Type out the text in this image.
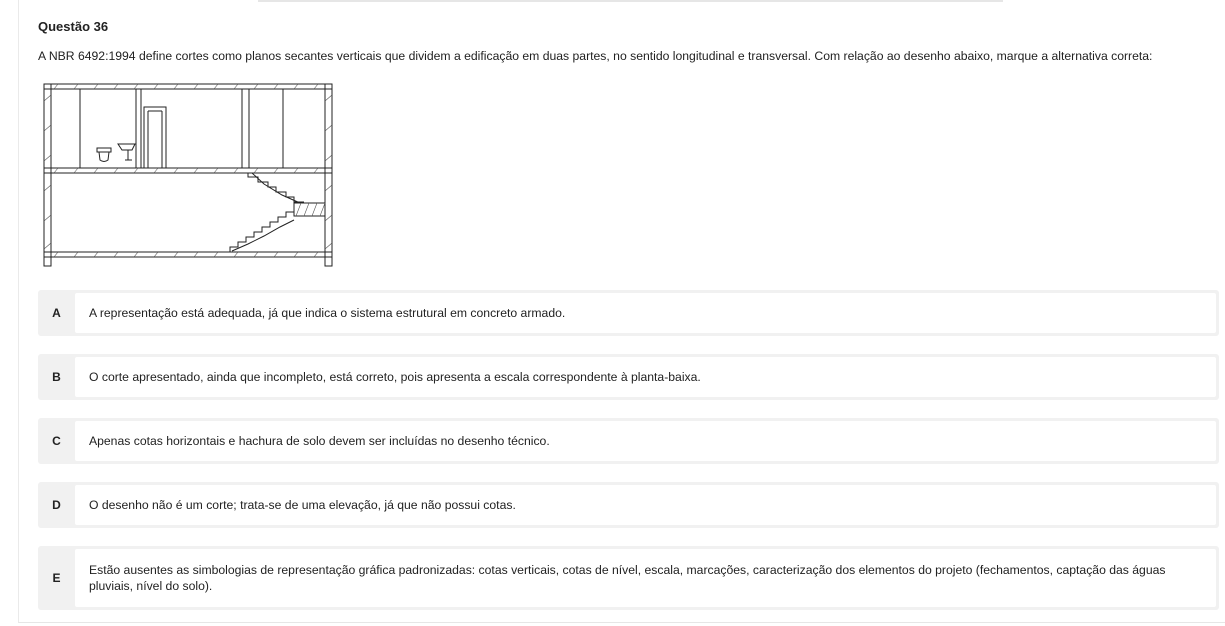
Questão 36
A NBR 6492:1994 define cortes como planos secantes verticais que dividem a edificação em duas partes, no sentido longitudinal e transversal. Com relação ao desenho abaixo, marque a alternativa correta:
A	A representação está adequada, já que indica o sistema estrutural em concreto armado.
B	O corte apresentado, ainda que incompleto, está correto, pois apresenta a escala correspondente à planta-baixa.
C	Apenas cotas horizontais e hachura de solo devem ser incluídas no desenho técnico.
D	O desenho não é um corte; trata-se de uma elevação, já que não possui cotas.
E
Estão ausentes as simbologias de representação gráfica padronizadas: cotas verticais, cotas de nível, escala, marcações, caracterização dos elementos do projeto (fechamentos, captação das águas pluviais, nível do solo).
